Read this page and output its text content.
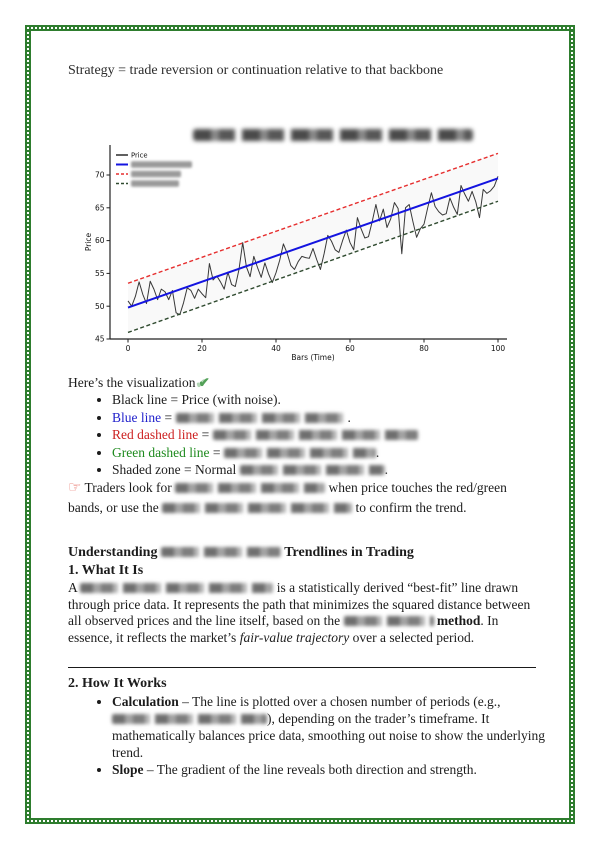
Strategy = trade reversion or continuation relative to that backbone
0	20	40	60	80	100
45
50
55
60
65
70
Bars (Time)
Price
Price
Here’s the visualization ✔
• Black line = Price (with noise).
• Blue line =	.
• Red dashed line =
• Green dashed line =	.
• Shaded zone = Normal	.
☞ Traders look for	when price touches the red/green bands, or use the	to confirm the trend.
Understanding	Trendlines in Trading
1. What It Is
A	is a statistically derived “best-fit” line drawn through price data. It represents the path that minimizes the squared distance between all observed prices and the line itself, based on the	method. In essence, it reflects the market’s fair-value trajectory over a selected period.
2. How It Works
• Calculation – The line is plotted over a chosen number of periods (e.g., ), depending on the trader’s timeframe. It mathematically balances price data, smoothing out noise to show the underlying trend.
• Slope – The gradient of the line reveals both direction and strength.
